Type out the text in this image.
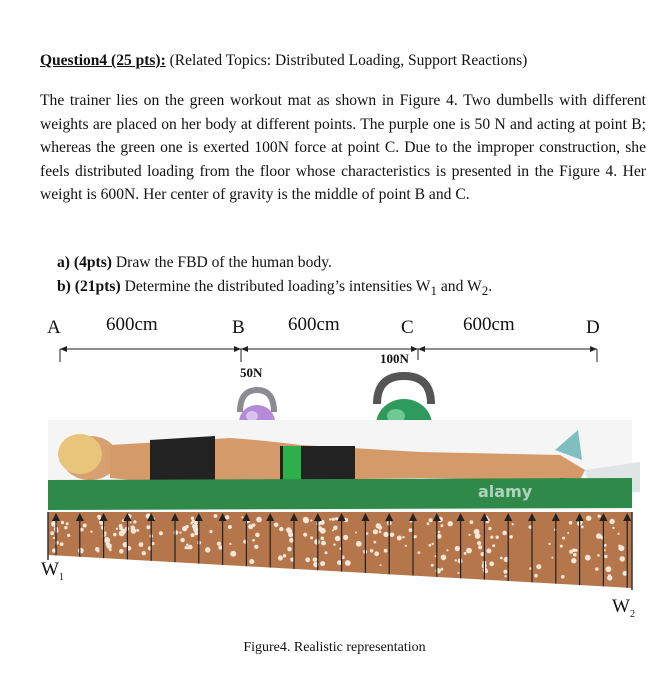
Question4 (25 pts): (Related Topics: Distributed Loading, Support Reactions)
The trainer lies on the green workout mat as shown in Figure 4. Two dumbells with different weights are placed on her body at different points. The purple one is 50 N and acting at point B; whereas the green one is exerted 100N force at point C. Due to the improper construction, she feels distributed loading from the floor whose characteristics is presented in the Figure 4. Her weight is 600N. Her center of gravity is the middle of point B and C.
a) (4pts) Draw the FBD of the human body.
b) (21pts) Determine the distributed loading’s intensities $W_1$ and $W_2$.
A	B	C	D
600cm	600cm	600cm
50N
100N
alamy
$W_1$
$W_2$
Figure4. Realistic representation
